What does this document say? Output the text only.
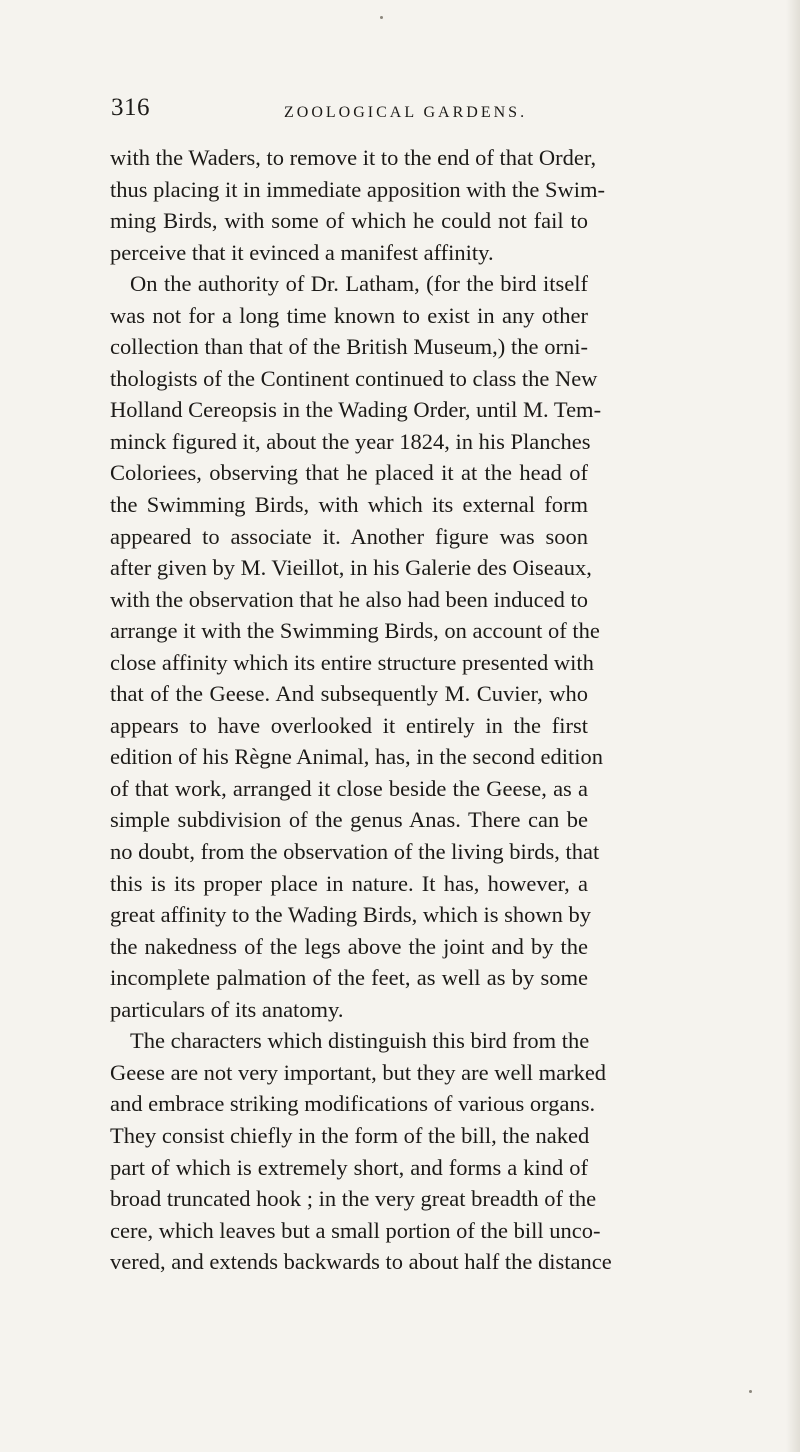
316	ZOOLOGICAL GARDENS.
with the Waders, to remove it to the end of that Order,
thus placing it in immediate apposition with the Swim-
ming Birds, with some of which he could not fail to
perceive that it evinced a manifest affinity.
On the authority of Dr. Latham, (for the bird itself
was not for a long time known to exist in any other
collection than that of the British Museum,) the orni-
thologists of the Continent continued to class the New
Holland Cereopsis in the Wading Order, until M. Tem-
minck figured it, about the year 1824, in his Planches
Coloriees, observing that he placed it at the head of
the Swimming Birds, with which its external form
appeared to associate it. Another figure was soon
after given by M. Vieillot, in his Galerie des Oiseaux,
with the observation that he also had been induced to
arrange it with the Swimming Birds, on account of the
close affinity which its entire structure presented with
that of the Geese. And subsequently M. Cuvier, who
appears to have overlooked it entirely in the first
edition of his Règne Animal, has, in the second edition
of that work, arranged it close beside the Geese, as a
simple subdivision of the genus Anas. There can be
no doubt, from the observation of the living birds, that
this is its proper place in nature. It has, however, a
great affinity to the Wading Birds, which is shown by
the nakedness of the legs above the joint and by the
incomplete palmation of the feet, as well as by some
particulars of its anatomy.
The characters which distinguish this bird from the
Geese are not very important, but they are well marked
and embrace striking modifications of various organs.
They consist chiefly in the form of the bill, the naked
part of which is extremely short, and forms a kind of
broad truncated hook ; in the very great breadth of the
cere, which leaves but a small portion of the bill unco-
vered, and extends backwards to about half the distance
